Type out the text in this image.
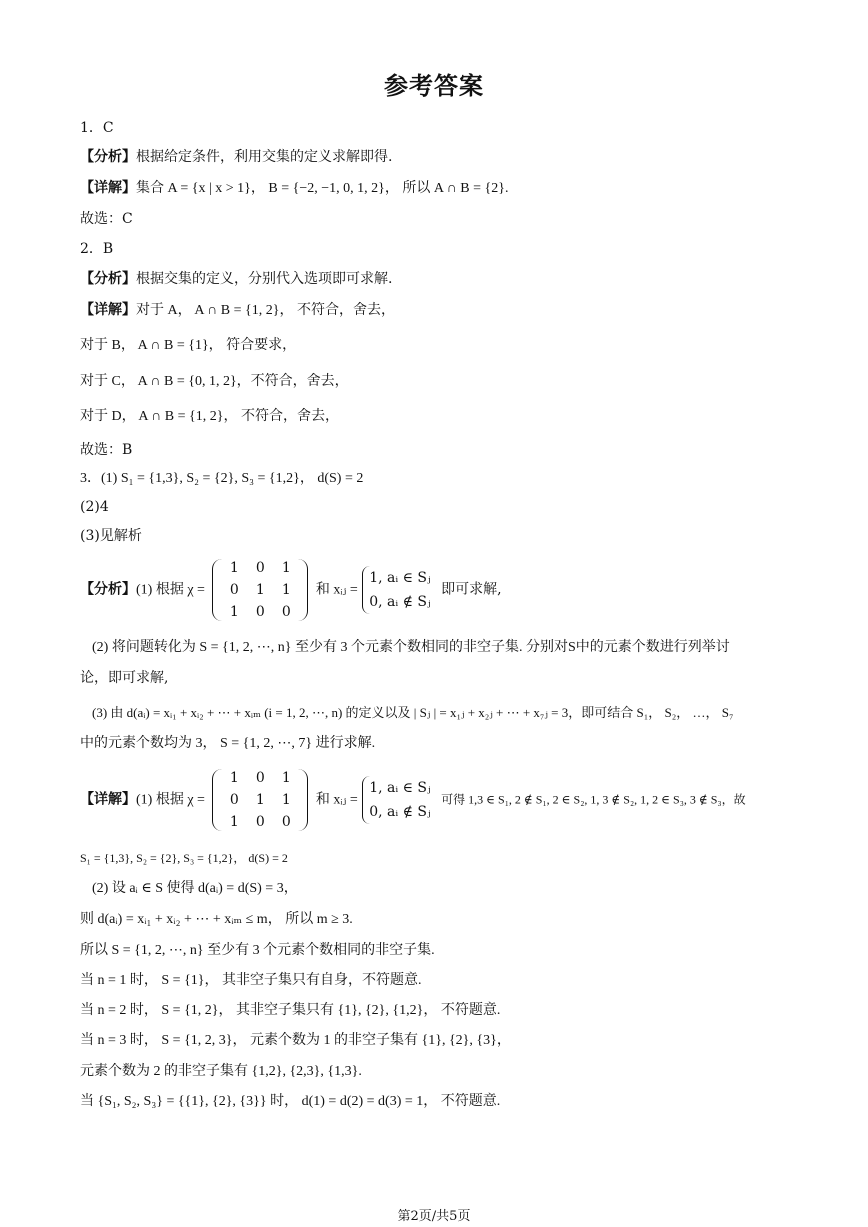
参考答案
1．C
【分析】根据给定条件，利用交集的定义求解即得.
【详解】集合 A = {x | x > 1}， B = {−2, −1, 0, 1, 2}， 所以 A ∩ B = {2}.
故选：C
2．B
【分析】根据交集的定义，分别代入选项即可求解.
【详解】对于 A， A ∩ B = {1, 2}， 不符合，舍去，
对于 B， A ∩ B = {1}， 符合要求，
对于 C， A ∩ B = {0, 1, 2}，不符合，舍去，
对于 D， A ∩ B = {1, 2}， 不符合，舍去，
故选：B
3．(1) S₁ = {1,3}, S₂ = {2}, S₃ = {1,2}， d(S) = 2
(2)4
(3)见解析
【分析】(1) 根据 χ =
1	0	1
0	1	1
1	0	0
和 xᵢⱼ = 1, aᵢ ∈ Sⱼ
0, aᵢ ∉ Sⱼ 即可求解,
(2) 将问题转化为 S = {1, 2, ⋯, n} 至少有 3 个元素个数相同的非空子集. 分别对S中的元素个数进行列举讨
论，即可求解,
(3) 由 d(aᵢ) = xᵢ₁ + xᵢ₂ + ⋯ + xᵢₘ (i = 1, 2, ⋯, n) 的定义以及 | Sⱼ | = x₁ⱼ + x₂ⱼ + ⋯ + x₇ⱼ = 3，即可结合 S₁， S₂， …， S₇
中的元素个数均为 3， S = {1, 2, ⋯, 7} 进行求解.
【详解】(1) 根据 χ =
1	0	1
0	1	1
1	0	0
和 xᵢⱼ = 1, aᵢ ∈ Sⱼ
0, aᵢ ∉ Sⱼ 可得 1,3 ∈ S₁, 2 ∉ S₁, 2 ∈ S₂, 1, 3 ∉ S₂, 1, 2 ∈ S₃, 3 ∉ S₃，故
S₁ = {1,3}, S₂ = {2}, S₃ = {1,2}， d(S) = 2
(2) 设 aᵢ ∈ S 使得 d(aᵢ) = d(S) = 3，
则 d(aᵢ) = xᵢ₁ + xᵢ₂ + ⋯ + xᵢₘ ≤ m， 所以 m ≥ 3.
所以 S = {1, 2, ⋯, n} 至少有 3 个元素个数相同的非空子集.
当 n = 1 时， S = {1}， 其非空子集只有自身，不符题意.
当 n = 2 时， S = {1, 2}， 其非空子集只有 {1}, {2}, {1,2}， 不符题意.
当 n = 3 时， S = {1, 2, 3}， 元素个数为 1 的非空子集有 {1}, {2}, {3}，
元素个数为 2 的非空子集有 {1,2}, {2,3}, {1,3}.
当 {S₁, S₂, S₃} = {{1}, {2}, {3}} 时， d(1) = d(2) = d(3) = 1， 不符题意.
第2页/共5页
